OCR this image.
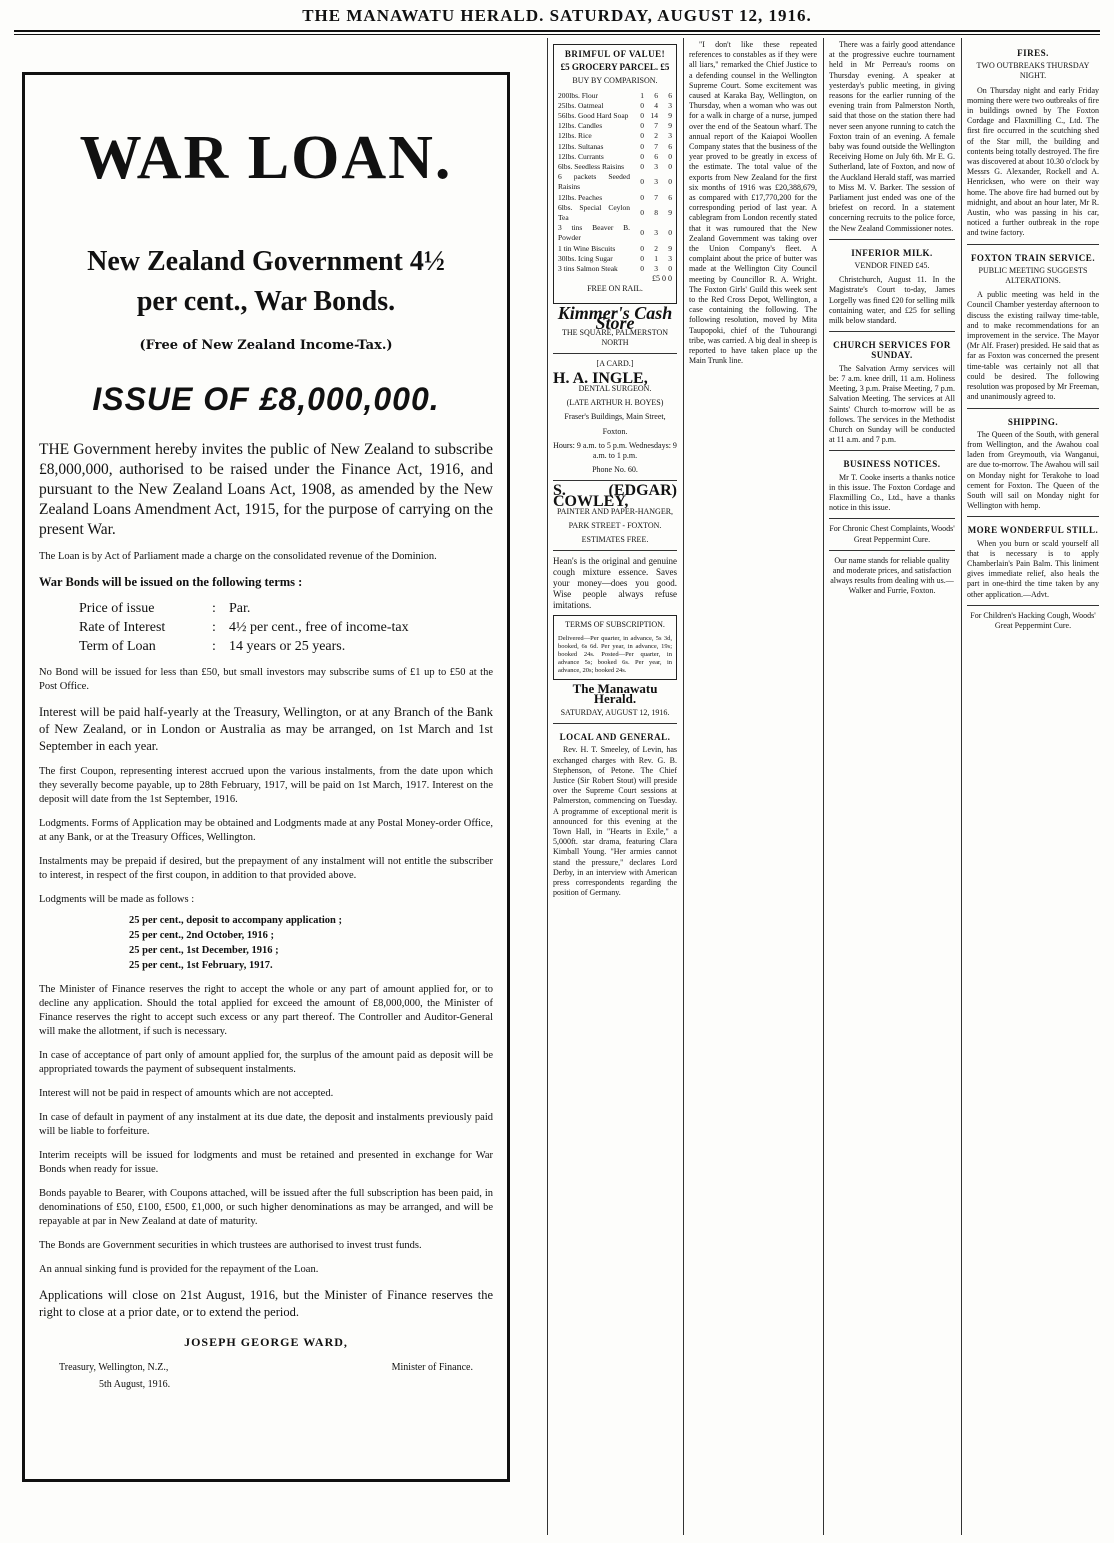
THE MANAWATU HERALD. SATURDAY, AUGUST 12, 1916.
WAR LOAN.
New Zealand Government 4½
per cent., War Bonds.
(Free of New Zealand Income-Tax.)
ISSUE OF £8,000,000.
THE Government hereby invites the public of New Zealand to subscribe £8,000,000, authorised to be raised under the Finance Act, 1916, and pursuant to the New Zealand Loans Act, 1908, as amended by the New Zealand Loans Amendment Act, 1915, for the purpose of carrying on the present War.

The Loan is by Act of Parliament made a charge on the consolidated revenue of the Dominion.

War Bonds will be issued on the following terms :

Price of issue	: Par.
Rate of Interest	: 4½ per cent., free of income-tax
Term of Loan	: 14 years or 25 years.

No Bond will be issued for less than £50, but small investors may subscribe sums of £1 up to £50 at the Post Office.

Interest will be paid half-yearly at the Treasury, Wellington, or at any Branch of the Bank of New Zealand, or in London or Australia as may be arranged, on 1st March and 1st September in each year.

The first Coupon, representing interest accrued upon the various instalments, from the date upon which they severally become payable, up to 28th February, 1917, will be paid on 1st March, 1917. Interest on the deposit will date from the 1st September, 1916.

Lodgments. Forms of Application may be obtained and Lodgments made at any Postal Money-order Office, at any Bank, or at the Treasury Offices, Wellington.

Instalments may be prepaid if desired, but the prepayment of any instalment will not entitle the subscriber to interest, in respect of the first coupon, in addition to that provided above.

Lodgments will be made as follows :

25 per cent., deposit to accompany application ;
25 per cent., 2nd October, 1916 ;
25 per cent., 1st December, 1916 ;
25 per cent., 1st February, 1917.

The Minister of Finance reserves the right to accept the whole or any part of amount applied for, or to decline any application. Should the total applied for exceed the amount of £8,000,000, the Minister of Finance reserves the right to accept such excess or any part thereof. The Controller and Auditor-General will make the allotment, if such is necessary.

In case of acceptance of part only of amount applied for, the surplus of the amount paid as deposit will be appropriated towards the payment of subsequent instalments.

Interest will not be paid in respect of amounts which are not accepted.

In case of default in payment of any instalment at its due date, the deposit and instalments previously paid will be liable to forfeiture.

Interim receipts will be issued for lodgments and must be retained and presented in exchange for War Bonds when ready for issue.

Bonds payable to Bearer, with Coupons attached, will be issued after the full subscription has been paid, in denominations of £50, £100, £500, £1,000, or such higher denominations as may be arranged, and will be repayable at par in New Zealand at date of maturity.

The Bonds are Government securities in which trustees are authorised to invest trust funds.

An annual sinking fund is provided for the repayment of the Loan.

Applications will close on 21st August, 1916, but the Minister of Finance reserves the right to close at a prior date, or to extend the period.

JOSEPH GEORGE WARD,
Treasury, Wellington, N.Z.,	Minister of Finance.
5th August, 1916.
BRIMFUL OF VALUE!
£5 GROCERY PARCEL. £5
BUY BY COMPARISON.
200lbs. Flour	1	6	6
25lbs. Oatmeal	0	4	3
56lbs. Good Hard Soap	0	14	9
12lbs. Candles	0	7	9
12lbs. Rice	0	2	3
12lbs. Sultanas	0	7	6
12lbs. Currants	0	6	0
6lbs. Seedless Raisins	0	3	0
6 packets Seeded Raisins	0	3	0
12lbs. Peaches	0	7	6
6lbs. Special Ceylon Tea	0	8	9
3 tins Beaver B. Powder	0	3	0
1 tin Wine Biscuits	0	2	9
30lbs. Icing Sugar	0	1	3
3 tins Salmon Steak	0	3	0
£5 0 0
FREE ON RAIL.
Kimmer's Cash Store
THE SQUARE, PALMERSTON NORTH
[A CARD.]
H. A. INGLE,
DENTAL SURGEON.
(LATE ARTHUR H. BOYES)
Fraser's Buildings, Main Street,
Foxton.
Hours: 9 a.m. to 5 p.m. Wednesdays: 9 a.m. to 1 p.m.
Phone No. 60.
S. (EDGAR) COWLEY,
PAINTER AND PAPER-HANGER,
PARK STREET - FOXTON.
ESTIMATES FREE.

Hean's is the original and genuine cough mixture essence. Saves your money—does you good. Wise people always refuse imitations.

TERMS OF SUBSCRIPTION.
Delivered—Per quarter, in advance, 5s 3d, booked, 6s 6d. Per year, in advance, 19s; booked 24s. Posted—Per quarter, in advance 5s; booked 6s. Per year, in advance, 20s; booked 24s.
The Manawatu Herald.
SATURDAY, AUGUST 12, 1916.
LOCAL AND GENERAL.

Rev. H. T. Smeeley, of Levin, has exchanged charges with Rev. G. B. Stephenson, of Petone. The Chief Justice (Sir Robert Stout) will preside over the Supreme Court sessions at Palmerston, commencing on Tuesday. A programme of exceptional merit is announced for this evening at the Town Hall, in "Hearts in Exile," a 5,000ft. star drama, featuring Clara Kimball Young. "Her armies cannot stand the pressure," declares Lord Derby, in an interview with American press correspondents regarding the position of Germany.

"I don't like these repeated references to constables as if they were all liars," remarked the Chief Justice to a defending counsel in the Wellington Supreme Court. Some excitement was caused at Karaka Bay, Wellington, on Thursday, when a woman who was out for a walk in charge of a nurse, jumped over the end of the Seatoun wharf. The annual report of the Kaiapoi Woollen Company states that the business of the year proved to be greatly in excess of the estimate. The total value of the exports from New Zealand for the first six months of 1916 was £20,388,679, as compared with £17,770,200 for the corresponding period of last year. A cablegram from London recently stated that it was rumoured that the New Zealand Government was taking over the Union Company's fleet. A complaint about the price of butter was made at the Wellington City Council meeting by Councillor R. A. Wright. The Foxton Girls' Guild this week sent to the Red Cross Depot, Wellington, a case containing the following. The following resolution, moved by Mita Taupopoki, chief of the Tuhourangi tribe, was carried. A big deal in sheep is reported to have taken place up the Main Trunk line.

There was a fairly good attendance at the progressive euchre tournament held in Mr Perreau's rooms on Thursday evening. A speaker at yesterday's public meeting, in giving reasons for the earlier running of the evening train from Palmerston North, said that those on the station there had never seen anyone running to catch the Foxton train of an evening. A female baby was found outside the Wellington Receiving Home on July 6th. Mr E. G. Sutherland, late of Foxton, and now of the Auckland Herald staff, was married to Miss M. V. Barker. The session of Parliament just ended was one of the briefest on record. In a statement concerning recruits to the police force, the New Zealand Commissioner notes.

INFERIOR MILK.
VENDOR FINED £45.

Christchurch, August 11. In the Magistrate's Court to-day, James Lorgelly was fined £20 for selling milk containing water, and £25 for selling milk below standard.

CHURCH SERVICES FOR SUNDAY.

The Salvation Army services will be: 7 a.m. knee drill, 11 a.m. Holiness Meeting, 3 p.m. Praise Meeting, 7 p.m. Salvation Meeting. The services at All Saints' Church to-morrow will be as follows. The services in the Methodist Church on Sunday will be conducted at 11 a.m. and 7 p.m.

BUSINESS NOTICES.

Mr T. Cooke inserts a thanks notice in this issue. The Foxton Cordage and Flaxmilling Co., Ltd., have a thanks notice in this issue.

For Chronic Chest Complaints, Woods' Great Peppermint Cure.
Our name stands for reliable quality and moderate prices, and satisfaction always results from dealing with us.—Walker and Furrie, Foxton.
FIRES.
TWO OUTBREAKS THURSDAY NIGHT.

On Thursday night and early Friday morning there were two outbreaks of fire in buildings owned by The Foxton Cordage and Flaxmilling C., Ltd. The first fire occurred in the scutching shed of the Star mill, the building and contents being totally destroyed. The fire was discovered at about 10.30 o'clock by Messrs G. Alexander, Rockell and A. Henricksen, who were on their way home. The above fire had burned out by midnight, and about an hour later, Mr R. Austin, who was passing in his car, noticed a further outbreak in the rope and twine factory.

FOXTON TRAIN SERVICE.
PUBLIC MEETING SUGGESTS ALTERATIONS.

A public meeting was held in the Council Chamber yesterday afternoon to discuss the existing railway time-table, and to make recommendations for an improvement in the service. The Mayor (Mr Alf. Fraser) presided. He said that as far as Foxton was concerned the present time-table was certainly not all that could be desired. The following resolution was proposed by Mr Freeman, and unanimously agreed to.

SHIPPING.

The Queen of the South, with general from Wellington, and the Awahou coal laden from Greymouth, via Wanganui, are due to-morrow. The Awahou will sail on Monday night for Terakohe to load cement for Foxton. The Queen of the South will sail on Monday night for Wellington with hemp.

MORE WONDERFUL STILL.

When you burn or scald yourself all that is necessary is to apply Chamberlain's Pain Balm. This liniment gives immediate relief, also heals the part in one-third the time taken by any other application.—Advt.

For Children's Hacking Cough, Woods' Great Peppermint Cure.
